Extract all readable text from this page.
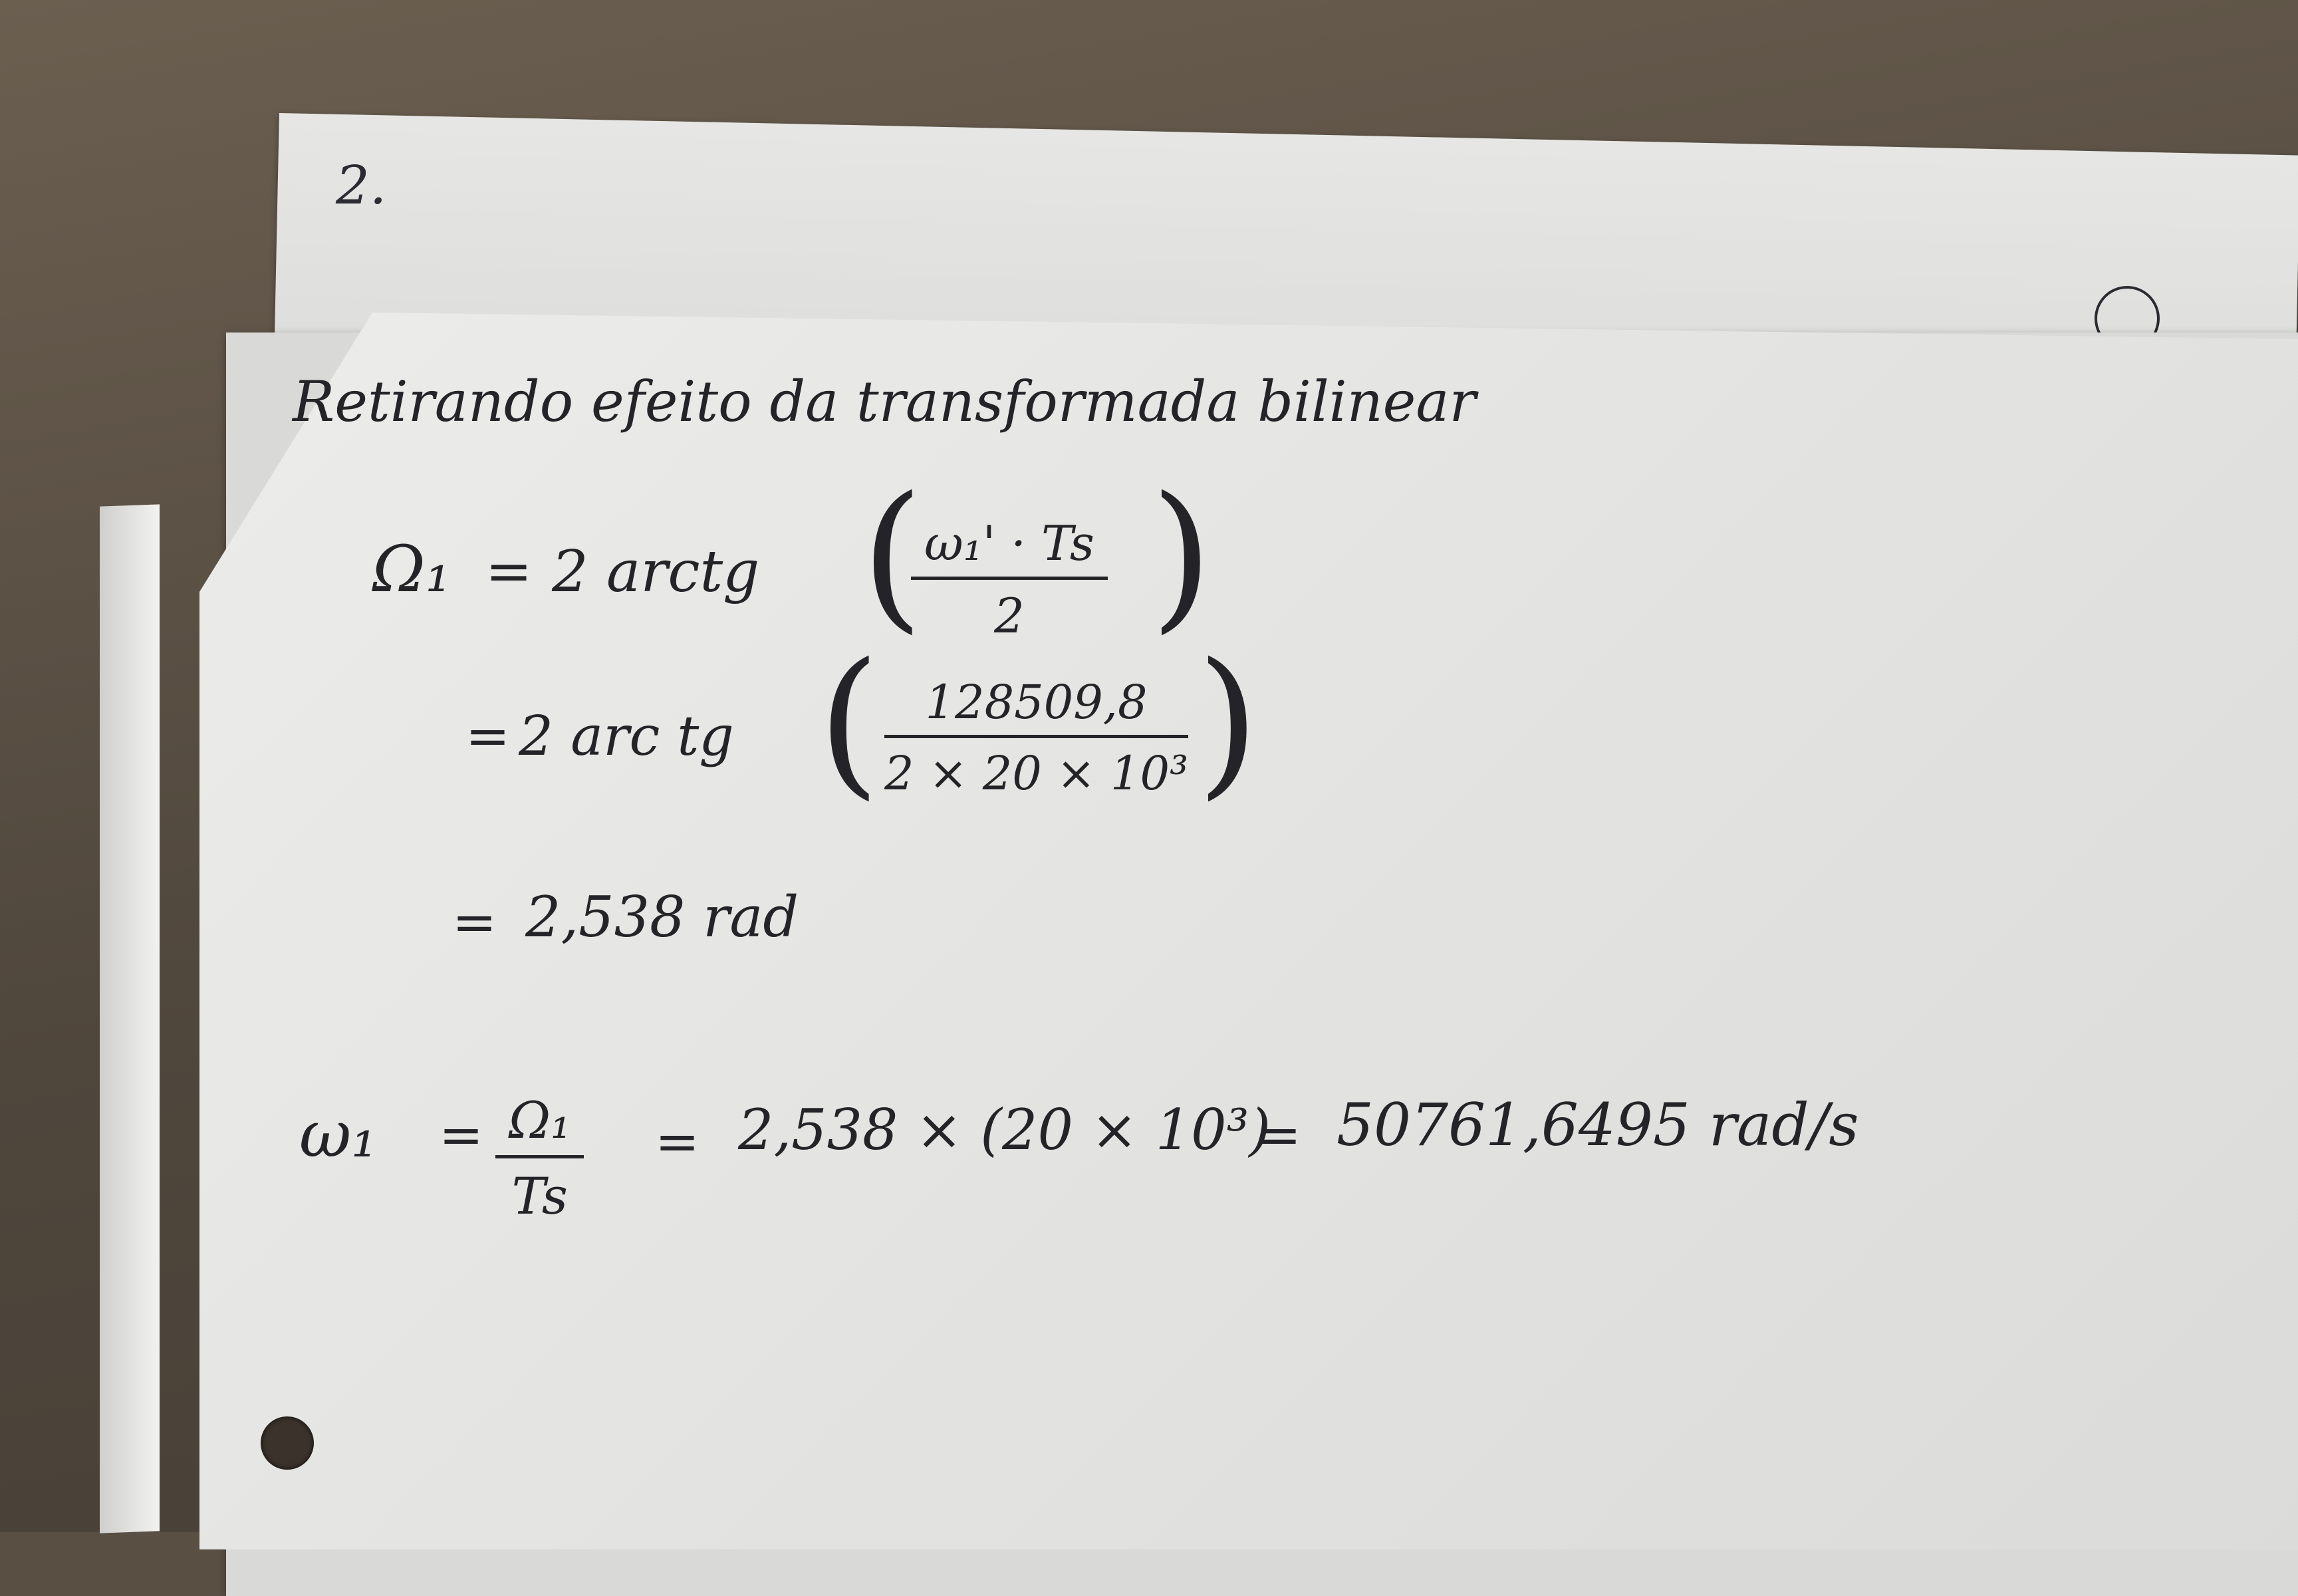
2.
Retirando efeito da transformada bilinear
Ω₁ = 2 arctg (
$\frac{\text{ω₁' · Ts}}{2}$ )
= 2 arc tg ( $\frac{128509,8}{\text{2 × 20 × 10³}}$ )
= 2,538 rad
$\omega_1 = \frac{\text{Ω₁}}{Ts} = 2,538 \times (20 \times 10^3)$
= 50761,6495 rad/s
